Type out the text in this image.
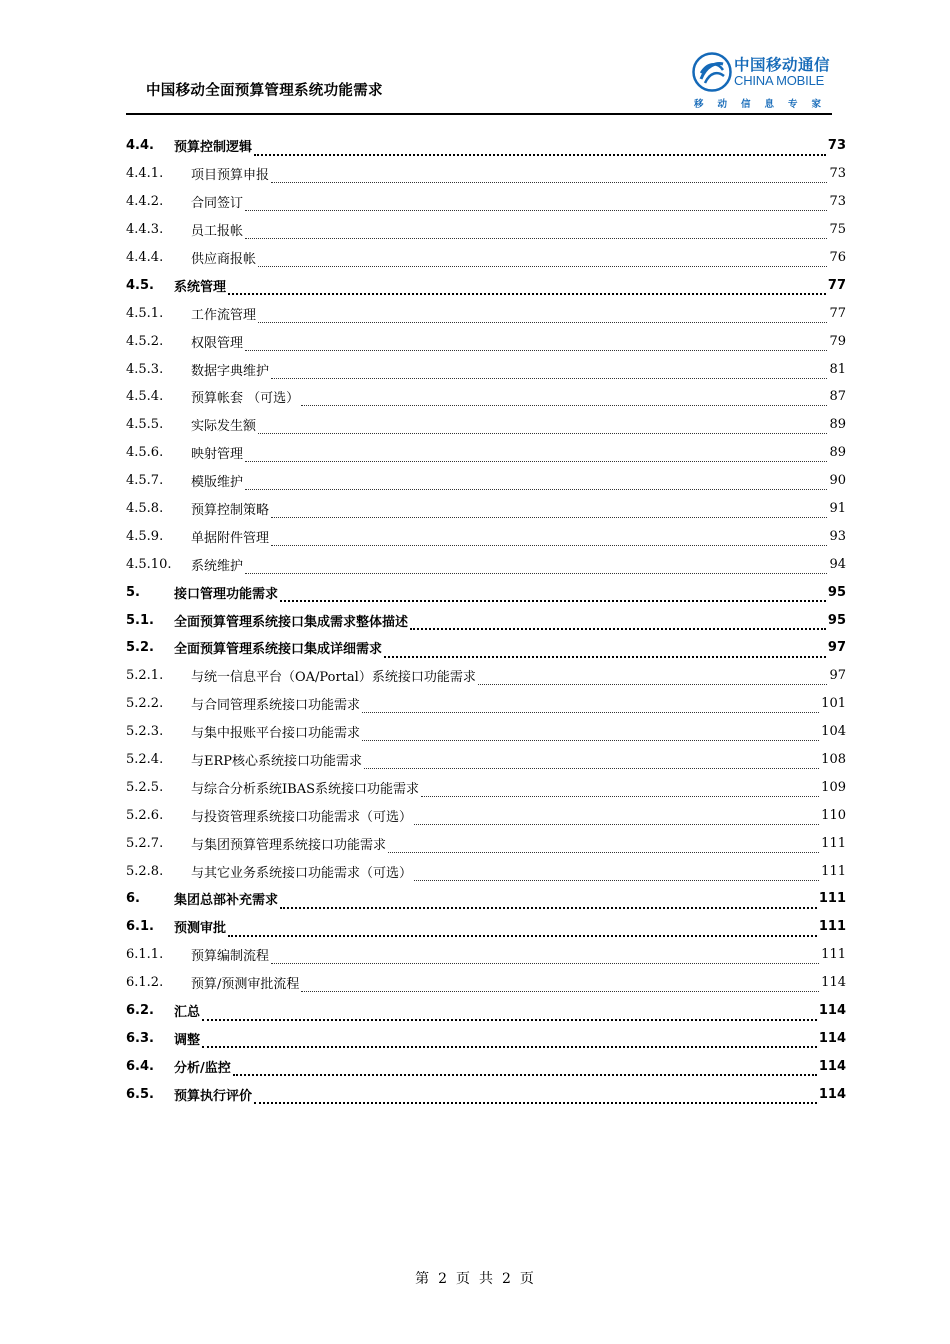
中国移动全面预算管理系统功能需求
中国移动通信
CHINA MOBILE
移动信息专家
4.4.	预算控制逻辑	73
4.4.1.	项目预算申报	73
4.4.2.	合同签订	73
4.4.3.	员工报帐	75
4.4.4.	供应商报帐	76
4.5.	系统管理	77
4.5.1.	工作流管理	77
4.5.2.	权限管理	79
4.5.3.	数据字典维护	81
4.5.4.	预算帐套 （可选）	87
4.5.5.	实际发生额	89
4.5.6.	映射管理	89
4.5.7.	模版维护	90
4.5.8.	预算控制策略	91
4.5.9.	单据附件管理	93
4.5.10.	系统维护	94
5.	接口管理功能需求	95
5.1.	全面预算管理系统接口集成需求整体描述	95
5.2.	全面预算管理系统接口集成详细需求	97
5.2.1.	与统一信息平台（OA/Portal）系统接口功能需求	97
5.2.2.	与合同管理系统接口功能需求	101
5.2.3.	与集中报账平台接口功能需求	104
5.2.4.	与ERP核心系统接口功能需求	108
5.2.5.	与综合分析系统IBAS系统接口功能需求	109
5.2.6.	与投资管理系统接口功能需求（可选）	110
5.2.7.	与集团预算管理系统接口功能需求	111
5.2.8.	与其它业务系统接口功能需求（可选）	111
6.	集团总部补充需求	111
6.1.	预测审批	111
6.1.1.	预算编制流程	111
6.1.2.	预算/预测审批流程	114
6.2.	汇总	114
6.3.	调整	114
6.4.	分析/监控	114
6.5.	预算执行评价	114
第 2 页 共 2 页
